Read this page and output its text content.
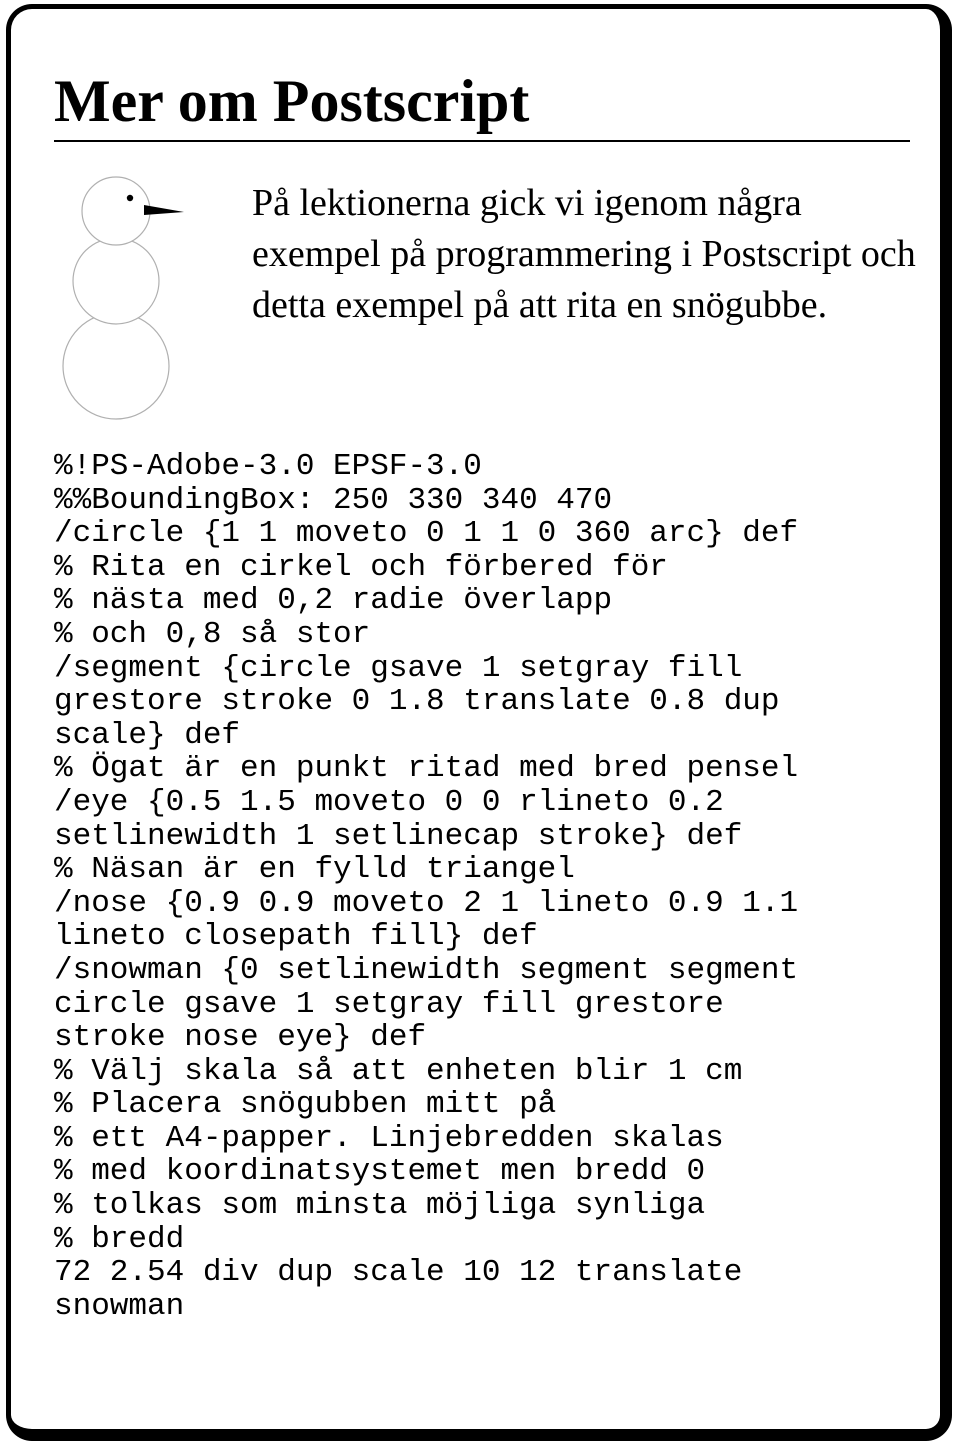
Mer om Postscript

På lektionerna gick vi igenom några exempel på programmering i Postscript och detta exempel på att rita en snögubbe.

%!PS-Adobe-3.0 EPSF-3.0
%%BoundingBox: 250 330 340 470
/circle {1 1 moveto 0 1 1 0 360 arc} def
% Rita en cirkel och förbered för
% nästa med 0,2 radie överlapp
% och 0,8 så stor
/segment {circle gsave 1 setgray fill
grestore stroke 0 1.8 translate 0.8 dup
scale} def
% Ögat är en punkt ritad med bred pensel
/eye {0.5 1.5 moveto 0 0 rlineto 0.2
setlinewidth 1 setlinecap stroke} def
% Näsan är en fylld triangel
/nose {0.9 0.9 moveto 2 1 lineto 0.9 1.1
lineto closepath fill} def
/snowman {0 setlinewidth segment segment
circle gsave 1 setgray fill grestore
stroke nose eye} def
% Välj skala så att enheten blir 1 cm
% Placera snögubben mitt på
% ett A4-papper. Linjebredden skalas
% med koordinatsystemet men bredd 0
% tolkas som minsta möjliga synliga
% bredd
72 2.54 div dup scale 10 12 translate
snowman
